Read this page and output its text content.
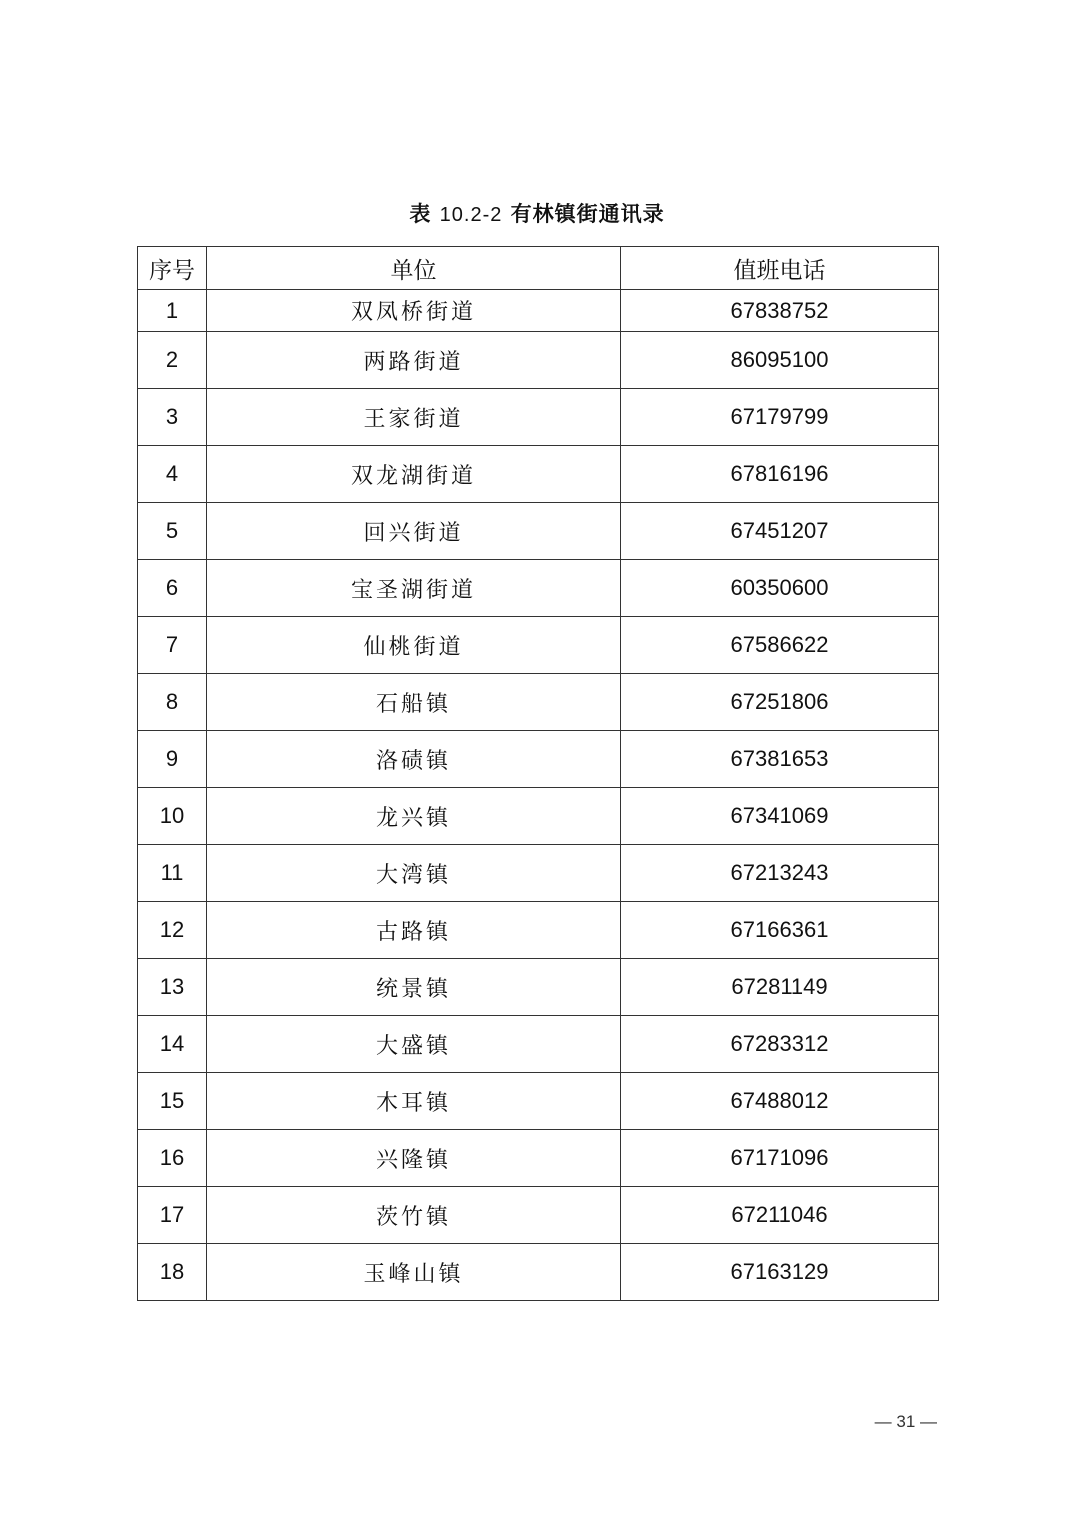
表 10.2-2 有林镇街通讯录
序号	单位	值班电话
1	双凤桥街道	67838752
2	两路街道	86095100
3	王家街道	67179799
4	双龙湖街道	67816196
5	回兴街道	67451207
6	宝圣湖街道	60350600
7	仙桃街道	67586622
8	石船镇	67251806
9	洛碛镇	67381653
10	龙兴镇	67341069
11	大湾镇	67213243
12	古路镇	67166361
13	统景镇	67281149
14	大盛镇	67283312
15	木耳镇	67488012
16	兴隆镇	67171096
17	茨竹镇	67211046
18	玉峰山镇	67163129
— 31 —
